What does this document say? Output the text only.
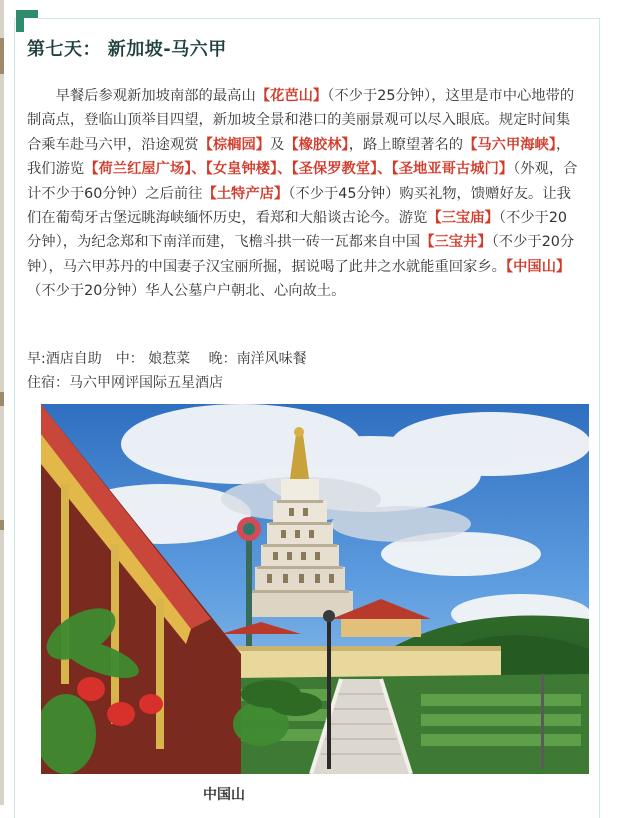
第七天： 新加坡-马六甲

早餐后参观新加坡南部的最高山【花芭山】（不少于25分钟），这里是市中心地带的制高点，登临山顶举目四望，新加坡全景和港口的美丽景观可以尽入眼底。规定时间集合乘车赴马六甲，沿途观赏【棕榈园】及【橡胶林】，路上瞭望著名的【马六甲海峡】，我们游览【荷兰红屋广场】、【女皇钟楼】、【圣保罗教堂】、【圣地亚哥古城门】（外观，合计不少于60分钟）之后前往【土特产店】（不少于45分钟）购买礼物，馈赠好友。让我们在葡萄牙古堡远眺海峡缅怀历史，看郑和大船谈古论今。游览【三宝庙】（不少于20分钟），为纪念郑和下南洋而建，飞檐斗拱一砖一瓦都来自中国【三宝井】（不少于20分钟），马六甲苏丹的中国妻子汉宝丽所掘，据说喝了此井之水就能重回家乡。【中国山】（不少于20分钟）华人公墓户户朝北、心向故土。

早:酒店自助　中： 娘惹菜　 晚：南洋风味餐

住宿：马六甲网评国际五星酒店

中国山
